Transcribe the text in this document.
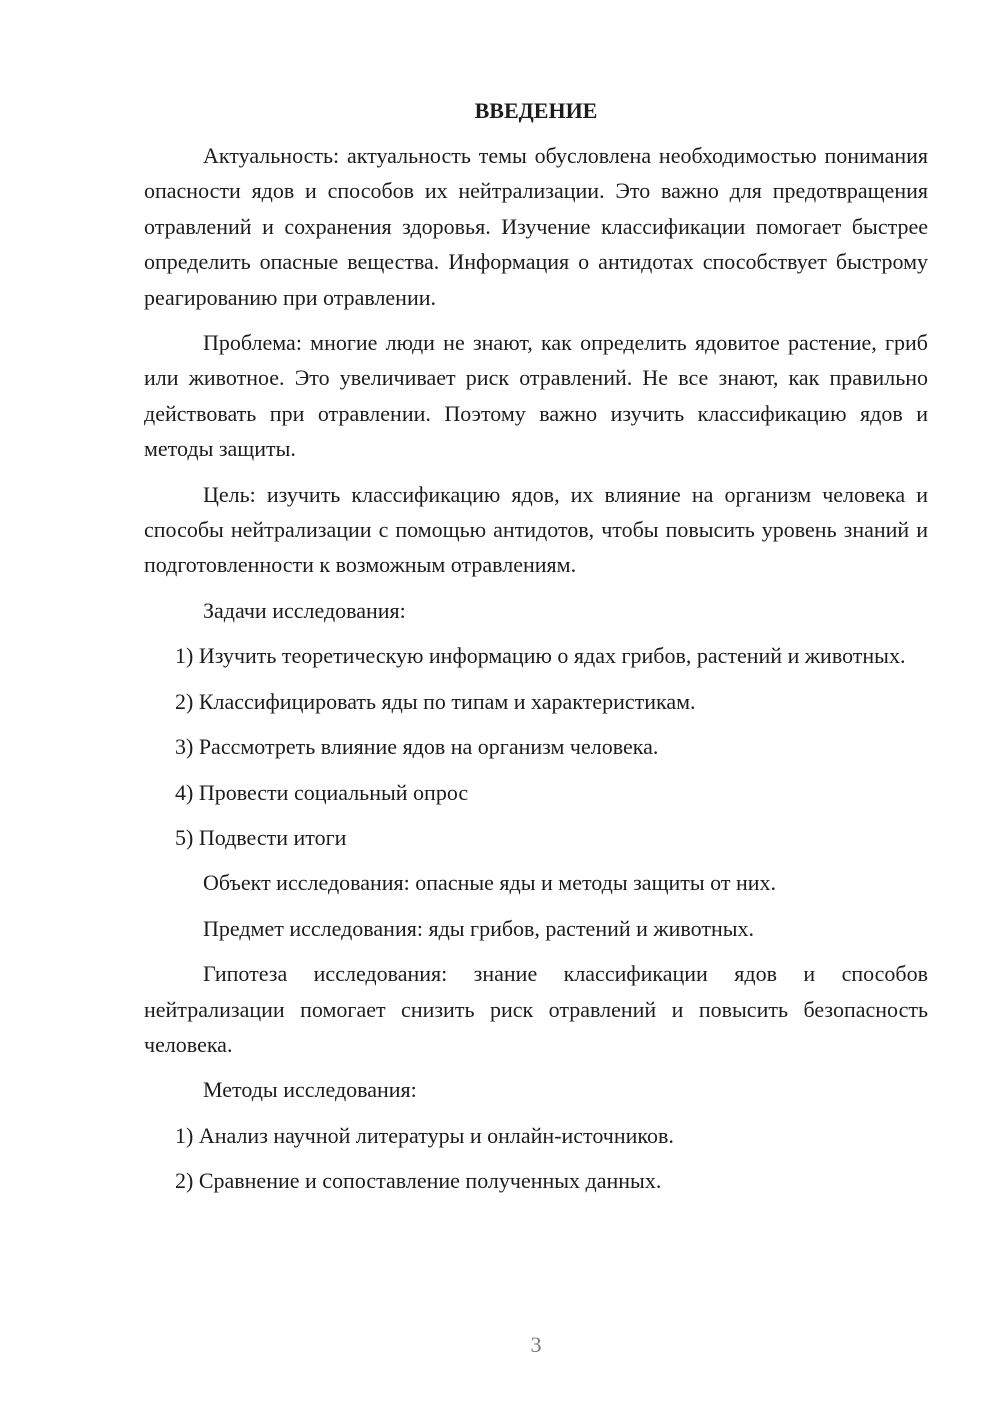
ВВЕДЕНИЕ

Актуальность: актуальность темы обусловлена необходимостью понимания опасности ядов и способов их нейтрализации. Это важно для предотвращения отравлений и сохранения здоровья. Изучение классификации помогает быстрее определить опасные вещества. Информация о антидотах способствует быстрому реагированию при отравлении.

Проблема: многие люди не знают, как определить ядовитое растение, гриб или животное. Это увеличивает риск отравлений. Не все знают, как правильно действовать при отравлении. Поэтому важно изучить классификацию ядов и методы защиты.

Цель: изучить классификацию ядов, их влияние на организм человека и способы нейтрализации с помощью антидотов, чтобы повысить уровень знаний и подготовленности к возможным отравлениям.

Задачи исследования:

1) Изучить теоретическую информацию о ядах грибов, растений и животных.

2) Классифицировать яды по типам и характеристикам.

3) Рассмотреть влияние ядов на организм человека.

4) Провести социальный опрос

5) Подвести итоги

Объект исследования: опасные яды и методы защиты от них.

Предмет исследования: яды грибов, растений и животных.

Гипотеза исследования: знание классификации ядов и способов нейтрализации помогает снизить риск отравлений и повысить безопасность человека.

Методы исследования:

1) Анализ научной литературы и онлайн-источников.

2) Сравнение и сопоставление полученных данных.

3
